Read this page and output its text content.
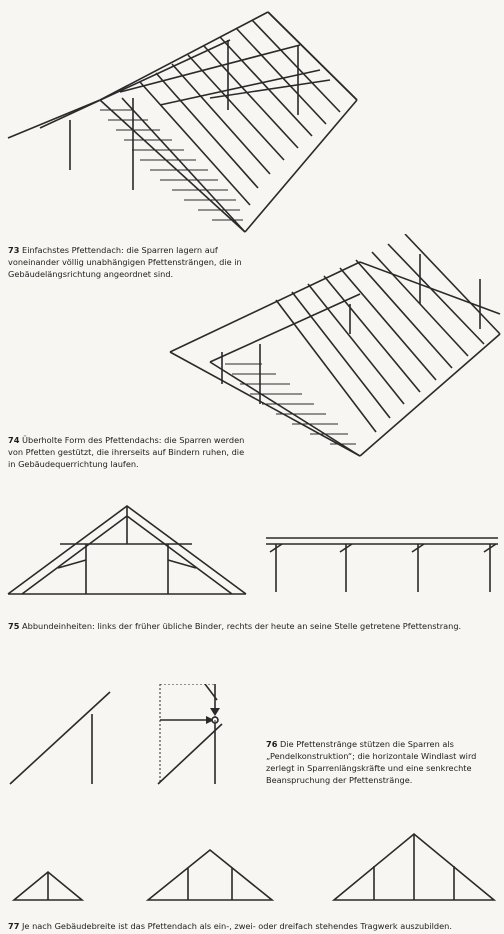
73 Einfachstes Pfettendach: die Sparren lagern auf voneinander völlig unabhängigen Pfettensträngen, die in Gebäudelängsrichtung angeordnet sind.
74 Überholte Form des Pfettendachs: die Sparren werden von Pfetten gestützt, die ihrerseits auf Bindern ruhen, die in Gebäudequerrichtung laufen.
75 Abbundeinheiten: links der früher übliche Binder, rechts der heute an seine Stelle getretene Pfettenstrang.
76 Die Pfettenstränge stützen die Sparren als „Pendelkonstruktion“; die horizontale Windlast wird zerlegt in Sparrenlängskräfte und eine senkrechte Beanspruchung der Pfettenstränge.
77 Je nach Gebäudebreite ist das Pfettendach als ein-, zwei- oder dreifach stehendes Tragwerk auszubilden.
